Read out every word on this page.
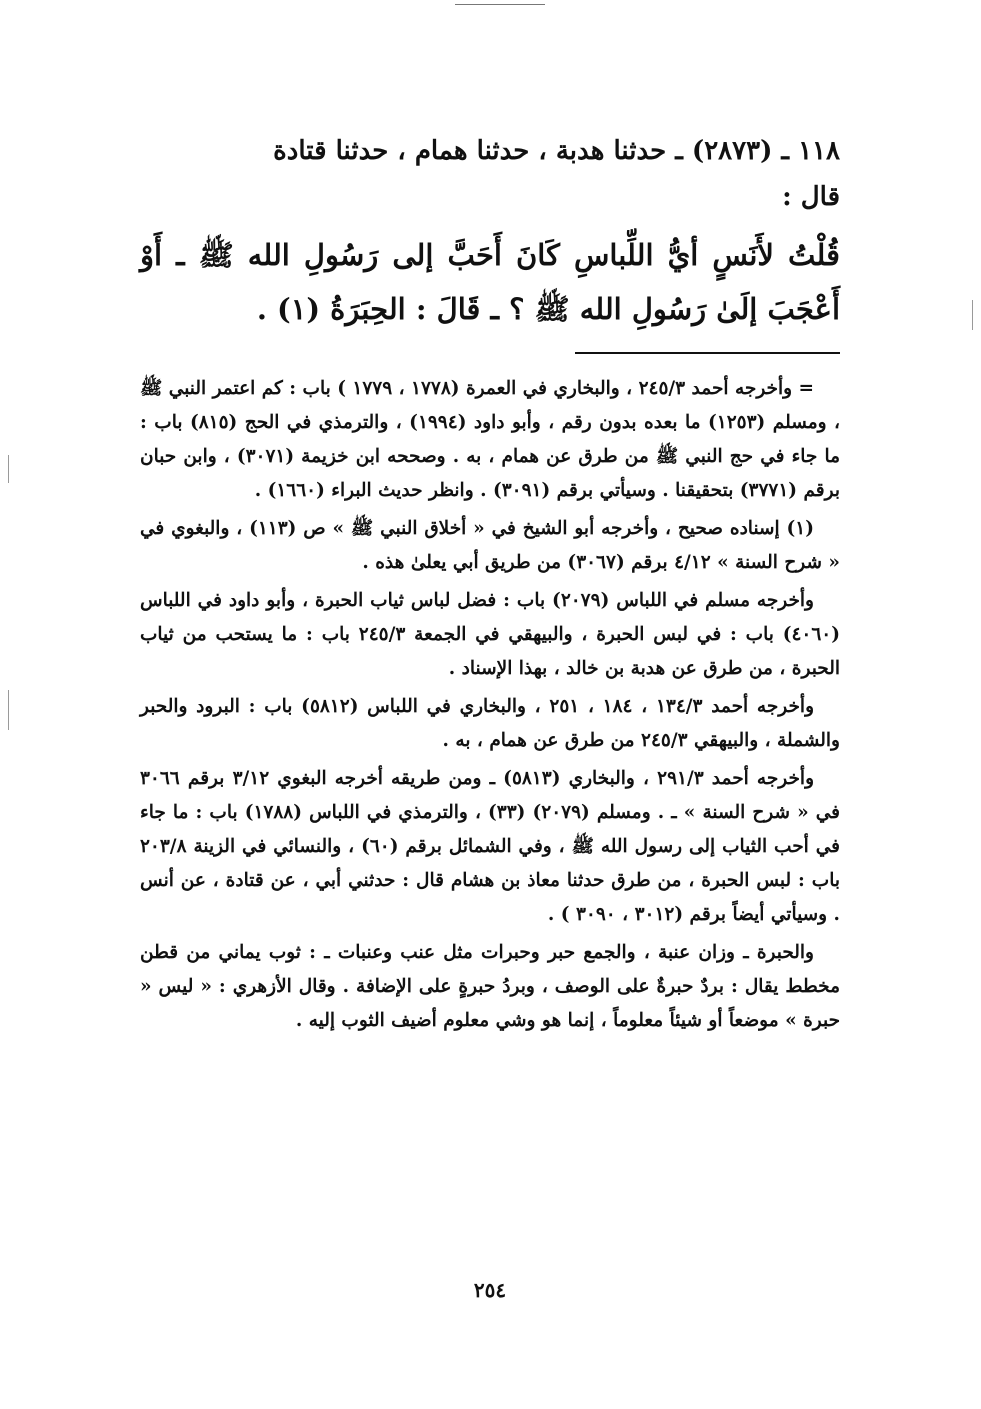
١١٨ ـ (٢٨٧٣) ـ حدثنا هدبة ، حدثنا همام ، حدثنا قتادة

قال :

قُلْتُ لأَنَسٍ أيُّ اللِّباسِ كَانَ أَحَبَّ إلى رَسُولِ الله ﷺ ـ أَوْ أَعْجَبَ إلَىٰ رَسُولِ الله ﷺ ؟ ـ قَالَ : الحِبَرَةُ (١) .

= وأخرجه أحمد ٢٤٥/٣ ، والبخاري في العمرة (١٧٧٨ ، ١٧٧٩ ) باب : كم اعتمر النبي ﷺ ، ومسلم (١٢٥٣) ما بعده بدون رقم ، وأبو داود (١٩٩٤) ، والترمذي في الحج (٨١٥) باب : ما جاء في حج النبي ﷺ من طرق عن همام ، به . وصححه ابن خزيمة (٣٠٧١) ، وابن حبان برقم (٣٧٧١) بتحقيقنا . وسيأتي برقم (٣٠٩١) . وانظر حديث البراء (١٦٦٠) .

(١) إسناده صحيح ، وأخرجه أبو الشيخ في « أخلاق النبي ﷺ » ص (١١٣) ، والبغوي في « شرح السنة » ٤/١٢ برقم (٣٠٦٧) من طريق أبي يعلىٰ هذه .

وأخرجه مسلم في اللباس (٢٠٧٩) باب : فضل لباس ثياب الحبرة ، وأبو داود في اللباس (٤٠٦٠) باب : في لبس الحبرة ، والبيهقي في الجمعة ٢٤٥/٣ باب : ما يستحب من ثياب الحبرة ، من طرق عن هدبة بن خالد ، بهذا الإسناد .

وأخرجه أحمد ١٣٤/٣ ، ١٨٤ ، ٢٥١ ، والبخاري في اللباس (٥٨١٢) باب : البرود والحبر والشملة ، والبيهقي ٢٤٥/٣ من طرق عن همام ، به .

وأخرجه أحمد ٢٩١/٣ ، والبخاري (٥٨١٣) ـ ومن طريقه أخرجه البغوي ٣/١٢ برقم ٣٠٦٦ في « شرح السنة » ـ . ومسلم (٢٠٧٩) (٣٣) ، والترمذي في اللباس (١٧٨٨) باب : ما جاء في أحب الثياب إلى رسول الله ﷺ ، وفي الشمائل برقم (٦٠) ، والنسائي في الزينة ٢٠٣/٨ باب : لبس الحبرة ، من طرق حدثنا معاذ بن هشام قال : حدثني أبي ، عن قتادة ، عن أنس . وسيأتي أيضاً برقم (٣٠١٢ ، ٣٠٩٠ ) .

والحبرة ـ وزان عنبة ، والجمع حبر وحبرات مثل عنب وعنبات ـ : ثوب يماني من قطن مخطط يقال : بردٌ حبرةٌ على الوصف ، وبردُ حبرةٍ على الإضافة . وقال الأزهري : « ليس « حبرة » موضعاً أو شيئاً معلوماً ، إنما هو وشي معلوم أضيف الثوب إليه .

٢٥٤
